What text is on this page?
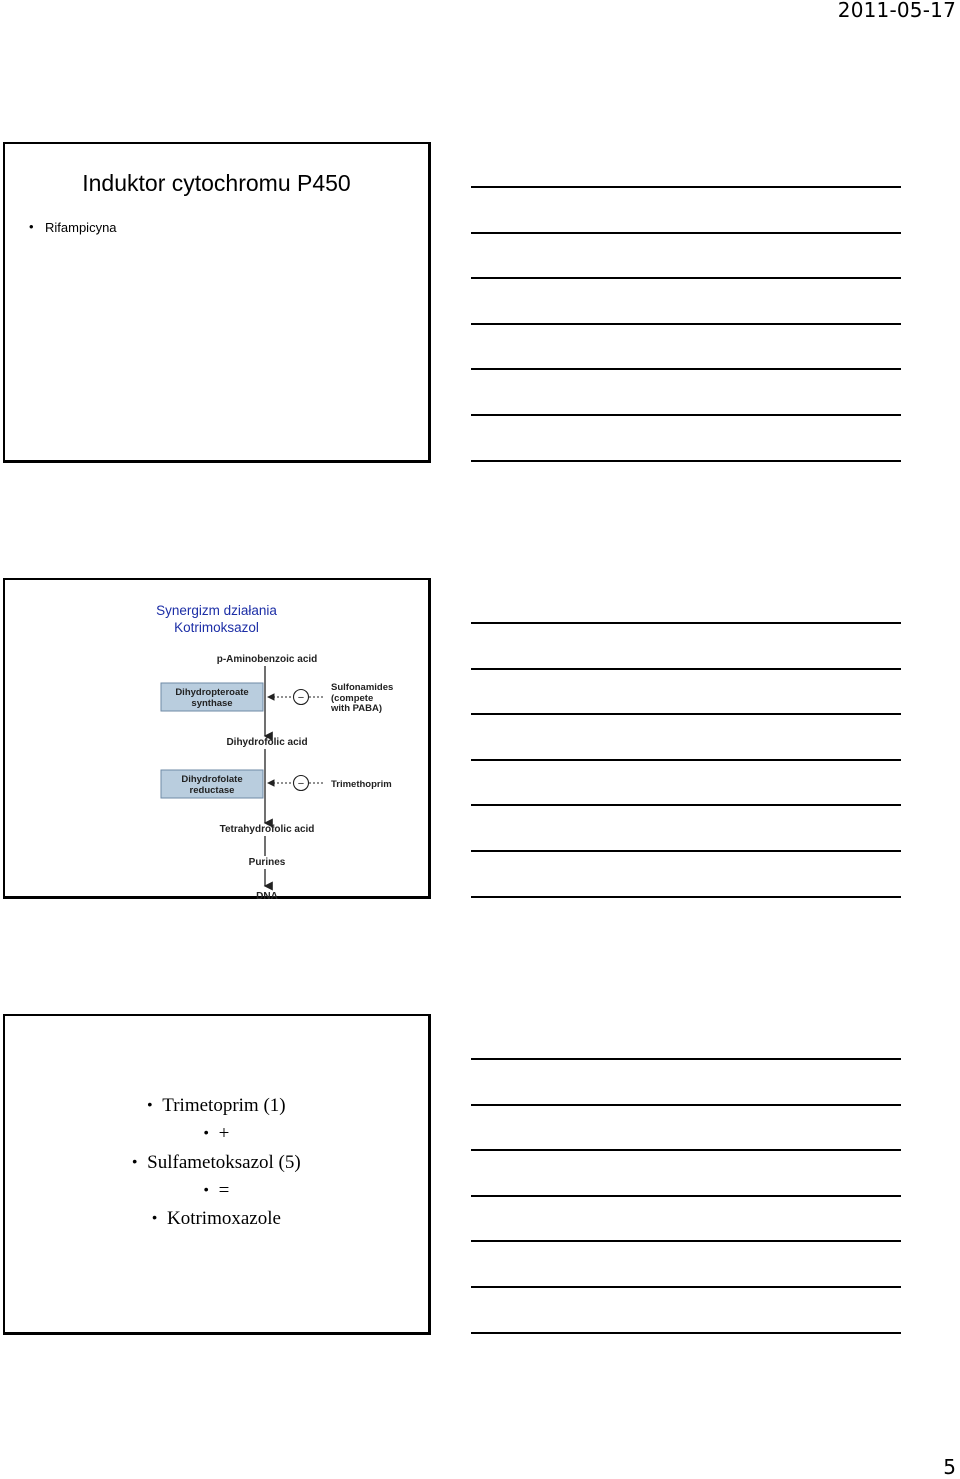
2011-05-17
Induktor cytochromu P450
• Rifampicyna
Synergizm działania
Kotrimoksazol
p-Aminobenzoic acid
Dihydropteroate
synthase	−
Sulfonamides
(compete
with PABA)
Dihydrofolic acid
Dihydrofolate
reductase
−	Trimethoprim
Tetrahydrofolic acid
Purines
DNA
• Trimetoprim (1)
• +
• Sulfametoksazol (5)
• =
• Kotrimoxazole
5
